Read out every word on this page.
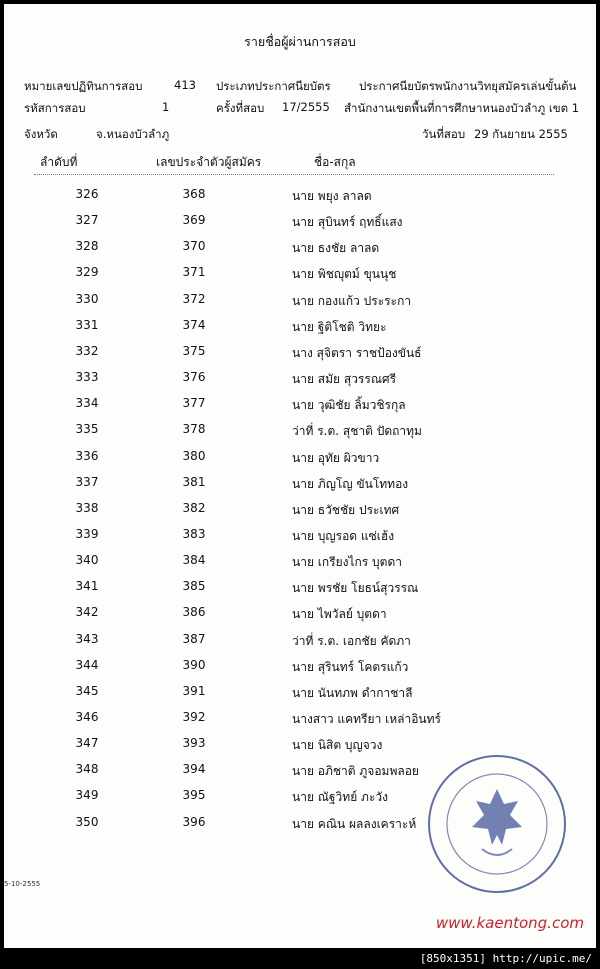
รายชื่อผู้ผ่านการสอบ
หมายเลขปฏิทินการสอบ	413 ประเภทประกาศนียบัตร ประกาศนียบัตรพนักงานวิทยุสมัครเล่นขั้นต้น
รหัสการสอบ	1	ครั้งที่สอบ 17/2555 สำนักงานเขตพื้นที่การศึกษาหนองบัวลำภู เขต 1
จังหวัด	จ.หนองบัวลำภู	วันที่สอบ 29 กันยายน 2555
ลำดับที่	เลขประจำตัวผู้สมัคร	ชื่อ-สกุล
326	368	นาย พยุง ลาลด
327	369	นาย สุบินทร์ ฤทธิ์แสง
328	370	นาย ธงชัย ลาลด
329	371	นาย พิชญุตม์ ขุนนุช
330	372	นาย กองแก้ว ประระกา
331	374	นาย ฐิติโชติ วิทยะ
332	375	นาง สุจิตรา ราชป้องขันธ์
333	376	นาย สมัย สุวรรณศรี
334	377	นาย วุฒิชัย ลิ้มวชิรกุล
335	378	ว่าที่ ร.ต. สุชาติ ปัดถาทุม
336	380	นาย อุทัย ผิวขาว
337	381	นาย ภิญโญ ขันโททอง
338	382	นาย ธวัชชัย ประเทศ
339	383	นาย บุญรอด แซ่เฮ้ง
340	384	นาย เกรียงไกร บุตดา
341	385	นาย พรชัย โยธน์สุวรรณ
342	386	นาย ไพวัลย์ บุตดา
343	387	ว่าที่ ร.ต. เอกชัย คัดภา
344	390	นาย สุรินทร์ โคตรแก้ว
345	391	นาย นันทภพ ดำกาชาลี
346	392	นางสาว แคทรียา เหล่าอินทร์
347	393	นาย นิสิต บุญจวง
348	394	นาย อภิชาติ ภูจอมพลอย
349	395	นาย ณัฐวิทย์ ภะวัง
350	396	นาย คณิน ผลลงเคราะห์
5-10-2555
www.kaentong.com
[850x1351] http://upic.me/
